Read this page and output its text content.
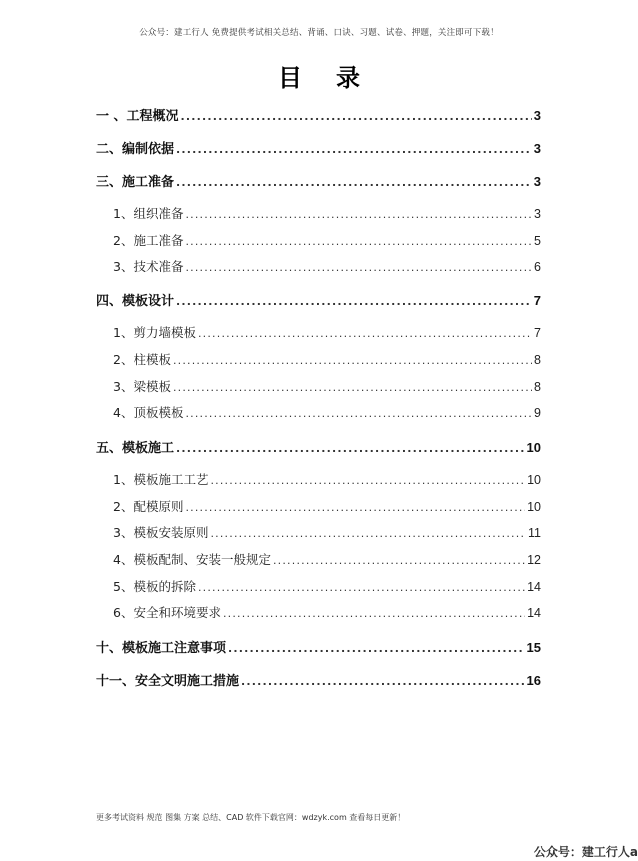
公众号：建工行人 免费提供考试相关总结、背诵、口诀、习题、试卷、押题，关注即可下载！
目录
一 、工程概况 .....	3
二、编制依据 .....	3
三、施工准备 .....	3
1、组织准备 .....	3
2、施工准备 .....	5
3、技术准备 .....	6
四、模板设计 .....	7
1、剪力墙模板 .....	7
2、柱模板 .....	8
3、梁模板 .....	8
4、顶板模板 .....	9
五、模板施工 .....	10
1、模板施工工艺 .....	10
2、配模原则 .....	10
3、模板安装原则 .....	11
4、模板配制、安装一般规定 .....	12
5、模板的拆除 .....	14
6、安全和环境要求 .....	14
十、模板施工注意事项 .....	15
十一、安全文明施工措施 .....	16
更多考试资料 规范 图集 方案 总结、CAD 软件下载官网：wdzyk.com 查看每日更新！
公众号：建工行人a
